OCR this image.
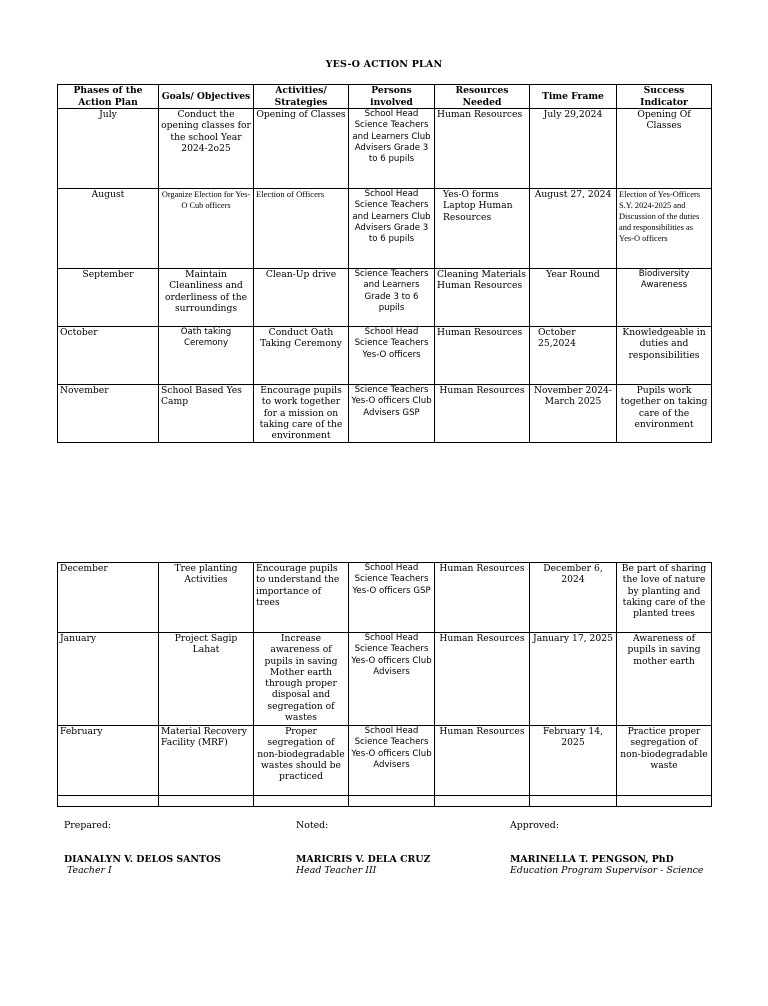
YES-O ACTION PLAN
Phases of the Action Plan	Goals/ Objectives	Activities/ Strategies	Persons involved	Resources Needed	Time Frame	Success Indicator
July	Conduct the opening classes for the school Year 2024-2o25	Opening of Classes	School Head Science Teachers and Learners Club Advisers Grade 3 to 6 pupils	Human Resources	July 29,2024	Opening Of Classes
August	Organize Election for Yes-O Cub officers	Election of Officers	School Head Science Teachers and Learners Club Advisers Grade 3 to 6 pupils	Yes-O forms Laptop Human Resources	August 27, 2024	Election of Yes-Officers S.Y. 2024-2025 and Discussion of the duties and responsibilities as Yes-O officers
September	Maintain Cleanliness and orderliness of the surroundings	Clean-Up drive	Science Teachers and Learners Grade 3 to 6 pupils	Cleaning Materials Human Resources	Year Round	Biodiversity Awareness
October	Oath taking Ceremony	Conduct Oath Taking Ceremony	School Head Science Teachers Yes-O officers	Human Resources	October 25,2024	Knowledgeable in duties and responsibilities
November	School Based Yes Camp	Encourage pupils to work together for a mission on taking care of the environment	Science Teachers Yes-O officers Club Advisers GSP	Human Resources	November 2024-March 2025	Pupils work together on taking care of the environment
December	Tree planting Activities	Encourage pupils to understand the importance of trees	School Head Science Teachers Yes-O officers GSP	Human Resources	December 6, 2024	Be part of sharing the love of nature by planting and taking care of the planted trees
January	Project Sagip Lahat	Increase awareness of pupils in saving Mother earth through proper disposal and segregation of wastes	School Head Science Teachers Yes-O officers Club Advisers	Human Resources	January 17, 2025	Awareness of pupils in saving mother earth
February	Material Recovery Facility (MRF)	Proper segregation of non-biodegradable wastes should be practiced	School Head Science Teachers Yes-O officers Club Advisers	Human Resources	February 14, 2025	Practice proper segregation of non-biodegradable waste

Prepared:	Noted:	Approved:
DIANALYN V. DELOS SANTOS
Teacher I
MARICRIS V. DELA CRUZ
Head Teacher III
MARINELLA T. PENGSON, PhD
Education Program Supervisor - Science
